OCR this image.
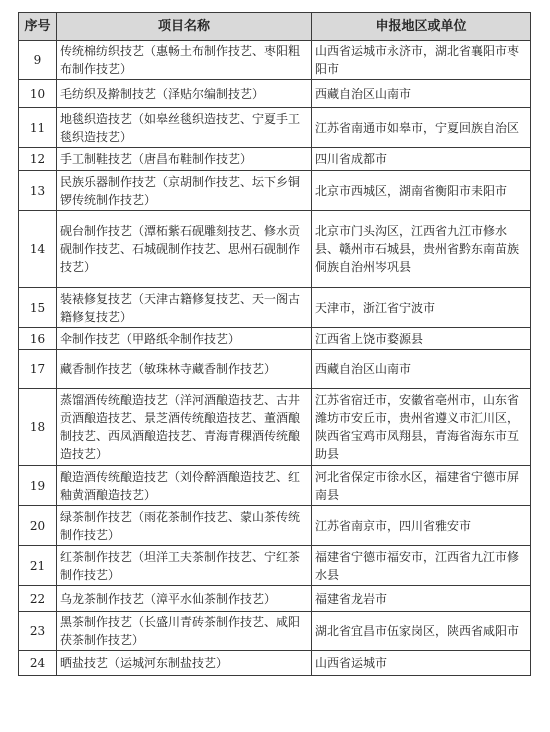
序号	项目名称	申报地区或单位
9	传统棉纺织技艺（惠畅土布制作技艺、枣阳粗布制作技艺）	山西省运城市永济市，湖北省襄阳市枣阳市
10	毛纺织及擀制技艺（泽贴尔编制技艺）	西藏自治区山南市
11	地毯织造技艺（如皋丝毯织造技艺、宁夏手工毯织造技艺）	江苏省南通市如皋市，宁夏回族自治区
12	手工制鞋技艺（唐昌布鞋制作技艺）	四川省成都市
13	民族乐器制作技艺（京胡制作技艺、坛下乡铜锣传统制作技艺）	北京市西城区，湖南省衡阳市耒阳市
14	砚台制作技艺（潭柘紫石砚雕刻技艺、修水贡砚制作技艺、石城砚制作技艺、思州石砚制作技艺）	北京市门头沟区，江西省九江市修水县、赣州市石城县，贵州省黔东南苗族侗族自治州岑巩县
15	装裱修复技艺（天津古籍修复技艺、天一阁古籍修复技艺）	天津市，浙江省宁波市
16	伞制作技艺（甲路纸伞制作技艺）	江西省上饶市婺源县
17	藏香制作技艺（敏珠林寺藏香制作技艺）	西藏自治区山南市
18	蒸馏酒传统酿造技艺（洋河酒酿造技艺、古井贡酒酿造技艺、景芝酒传统酿造技艺、董酒酿制技艺、西凤酒酿造技艺、青海青稞酒传统酿造技艺）	江苏省宿迁市，安徽省亳州市，山东省潍坊市安丘市，贵州省遵义市汇川区，陕西省宝鸡市凤翔县，青海省海东市互助县
19	酿造酒传统酿造技艺（刘伶醉酒酿造技艺、红釉黄酒酿造技艺）	河北省保定市徐水区，福建省宁德市屏南县
20	绿茶制作技艺（雨花茶制作技艺、蒙山茶传统制作技艺）	江苏省南京市，四川省雅安市
21	红茶制作技艺（坦洋工夫茶制作技艺、宁红茶制作技艺）	福建省宁德市福安市，江西省九江市修水县
22	乌龙茶制作技艺（漳平水仙茶制作技艺）	福建省龙岩市
23	黑茶制作技艺（长盛川青砖茶制作技艺、咸阳茯茶制作技艺）	湖北省宜昌市伍家岗区，陕西省咸阳市
24	晒盐技艺（运城河东制盐技艺）	山西省运城市
